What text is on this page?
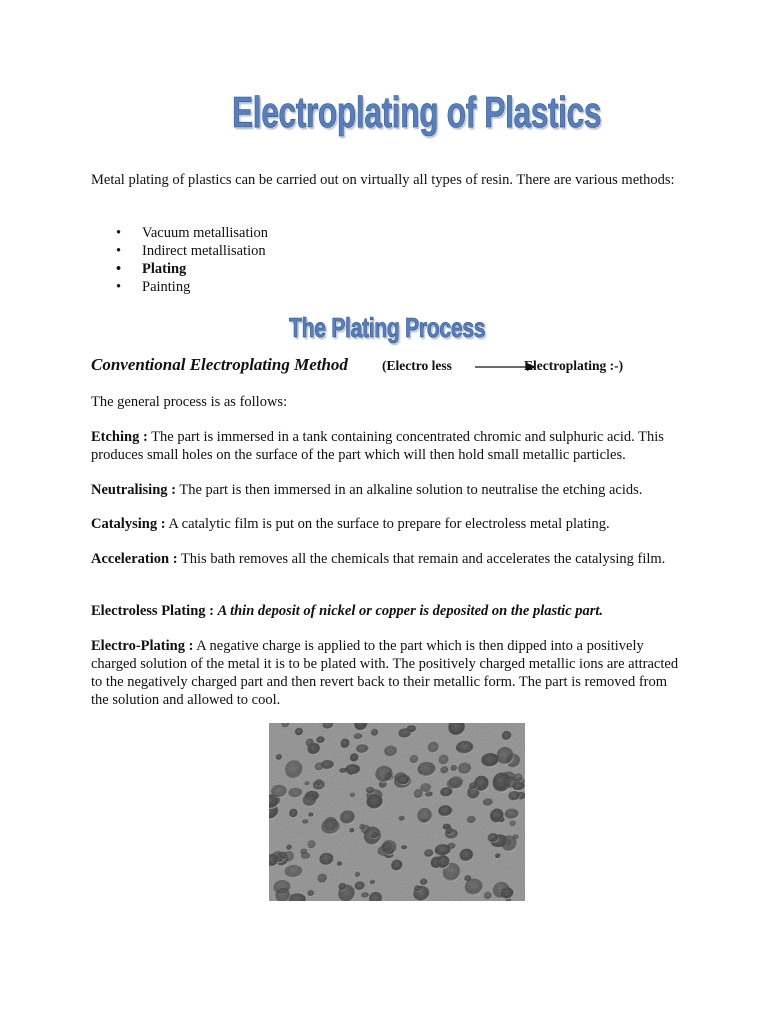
Electroplating of Plastics

Metal plating of plastics can be carried out on virtually all types of resin. There are various methods:

• Vacuum metallisation
• Indirect metallisation
• Plating
• Painting
The Plating Process
Conventional Electroplating Method	(Electro less	Electroplating :-)

The general process is as follows:

Etching : The part is immersed in a tank containing concentrated chromic and sulphuric acid. This produces small holes on the surface of the part which will then hold small metallic particles.

Neutralising : The part is then immersed in an alkaline solution to neutralise the etching acids.

Catalysing : A catalytic film is put on the surface to prepare for electroless metal plating.

Acceleration : This bath removes all the chemicals that remain and accelerates the catalysing film.

Electroless Plating : A thin deposit of nickel or copper is deposited on the plastic part.

Electro-Plating : A negative charge is applied to the part which is then dipped into a positively charged solution of the metal it is to be plated with. The positively charged metallic ions are attracted to the negatively charged part and then revert back to their metallic form. The part is removed from the solution and allowed to cool.
